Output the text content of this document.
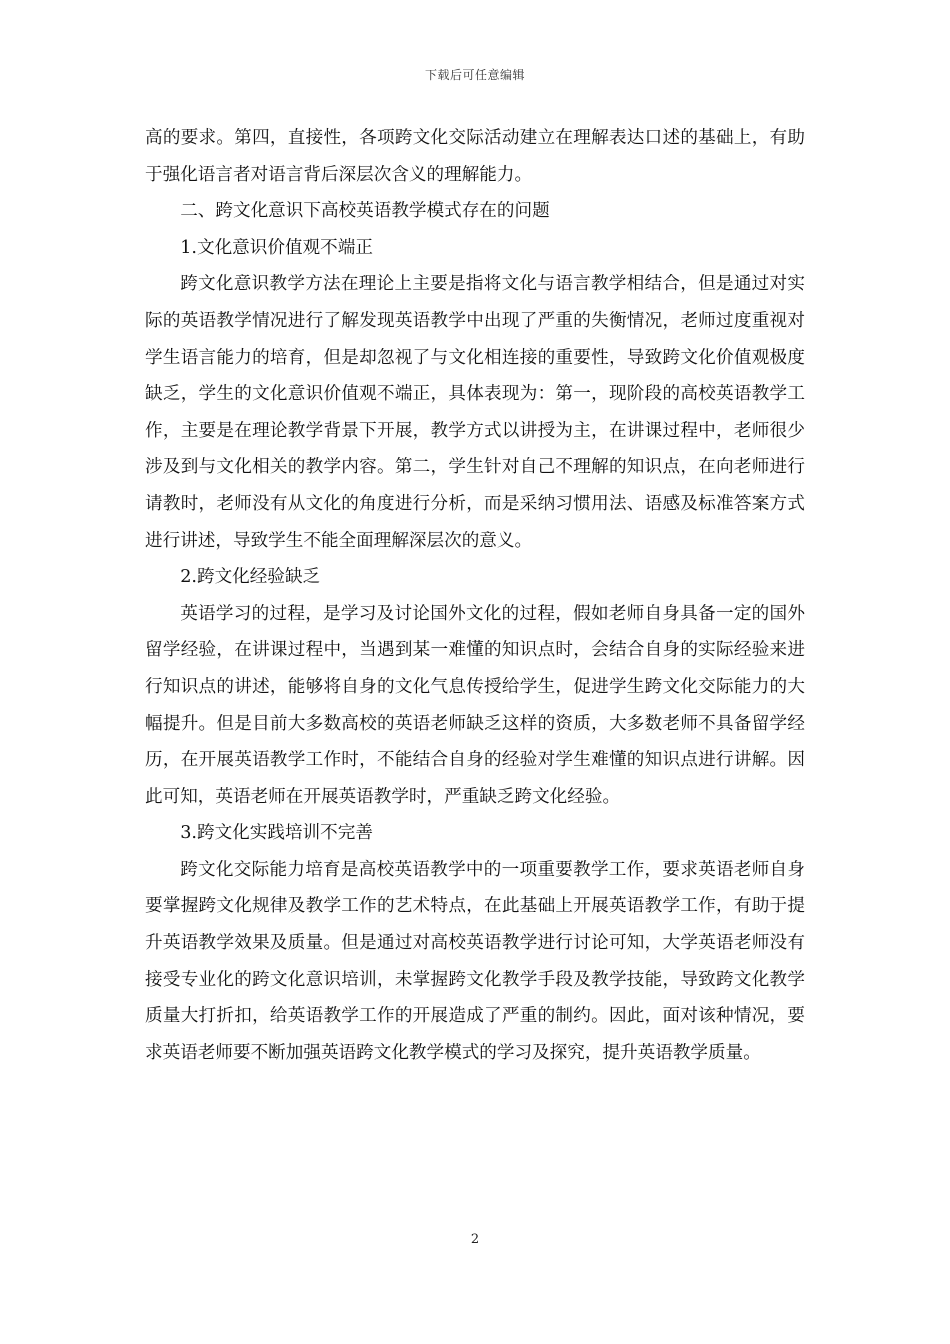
下载后可任意编辑

高的要求。第四，直接性，各项跨文化交际活动建立在理解表达口述的基础上，有助于强化语言者对语言背后深层次含义的理解能力。

二、跨文化意识下高校英语教学模式存在的问题

1.文化意识价值观不端正

跨文化意识教学方法在理论上主要是指将文化与语言教学相结合，但是通过对实际的英语教学情况进行了解发现英语教学中出现了严重的失衡情况，老师过度重视对学生语言能力的培育，但是却忽视了与文化相连接的重要性，导致跨文化价值观极度缺乏，学生的文化意识价值观不端正，具体表现为：第一，现阶段的高校英语教学工作，主要是在理论教学背景下开展，教学方式以讲授为主，在讲课过程中，老师很少涉及到与文化相关的教学内容。第二，学生针对自己不理解的知识点，在向老师进行请教时，老师没有从文化的角度进行分析，而是采纳习惯用法、语感及标准答案方式进行讲述，导致学生不能全面理解深层次的意义。

2.跨文化经验缺乏

英语学习的过程，是学习及讨论国外文化的过程，假如老师自身具备一定的国外留学经验，在讲课过程中，当遇到某一难懂的知识点时，会结合自身的实际经验来进行知识点的讲述，能够将自身的文化气息传授给学生，促进学生跨文化交际能力的大幅提升。但是目前大多数高校的英语老师缺乏这样的资质，大多数老师不具备留学经历，在开展英语教学工作时，不能结合自身的经验对学生难懂的知识点进行讲解。因此可知，英语老师在开展英语教学时，严重缺乏跨文化经验。

3.跨文化实践培训不完善

跨文化交际能力培育是高校英语教学中的一项重要教学工作，要求英语老师自身要掌握跨文化规律及教学工作的艺术特点，在此基础上开展英语教学工作，有助于提升英语教学效果及质量。但是通过对高校英语教学进行讨论可知，大学英语老师没有接受专业化的跨文化意识培训，未掌握跨文化教学手段及教学技能，导致跨文化教学质量大打折扣，给英语教学工作的开展造成了严重的制约。因此，面对该种情况，要求英语老师要不断加强英语跨文化教学模式的学习及探究，提升英语教学质量。

2
